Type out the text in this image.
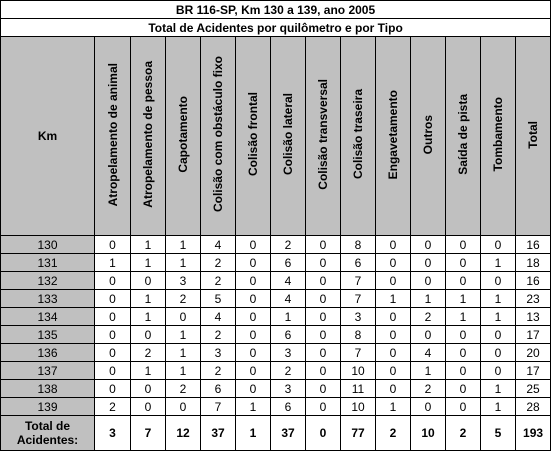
BR 116-SP, Km 130 a 139, ano 2005													
Total de Acidentes por quilômetro e por Tipo													
Km	Atropelamento de animal	Atropelamento de pessoa	Capotamento	Colisão com obstáculo fixo	Colisão frontal	Colisão lateral	Colisão transversal	Colisão traseira	Engavetamento	Outros	Saída de pista	Tombamento	Total
130	0	1	1	4	0	2	0	8	0	0	0	0	16
131	1	1	1	2	0	6	0	6	0	0	0	1	18
132	0	0	3	2	0	4	0	7	0	0	0	0	16
133	0	1	2	5	0	4	0	7	1	1	1	1	23
134	0	1	0	4	0	1	0	3	0	2	1	1	13
135	0	0	1	2	0	6	0	8	0	0	0	0	17
136	0	2	1	3	0	3	0	7	0	4	0	0	20
137	0	1	1	2	0	2	0	10	0	1	0	0	17
138	0	0	2	6	0	3	0	11	0	2	0	1	25
139	2	0	0	7	1	6	0	10	1	0	0	1	28
Total de
Acidentes:	3	7	12	37	1	37	0	77	2	10	2	5	193
